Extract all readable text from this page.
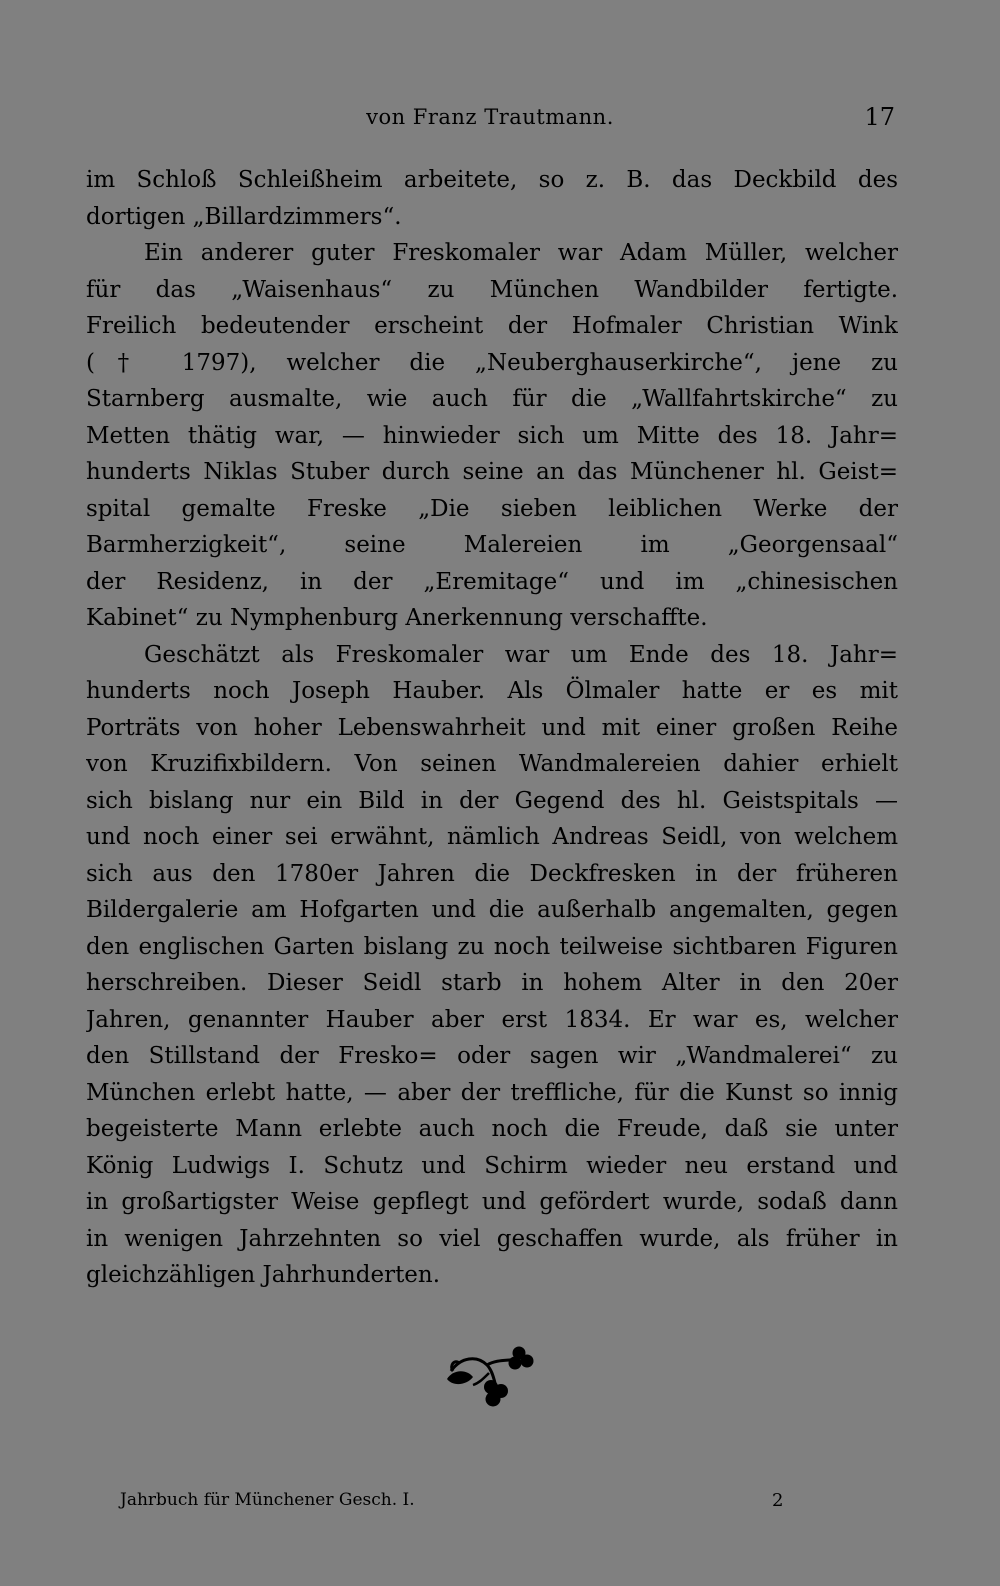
von Franz Trautmann.	17
im Schloß Schleißheim arbeitete, so z. B. das Deckbild des
dortigen „Billardzimmers“.
Ein anderer guter Freskomaler war Adam Müller, welcher
für das „Waisenhaus“ zu München Wandbilder fertigte.
Freilich bedeutender erscheint der Hofmaler Christian Wink
(† 1797), welcher die „Neuberghauserkirche“, jene zu
Starnberg ausmalte, wie auch für die „Wallfahrtskirche“ zu
Metten thätig war, — hinwieder sich um Mitte des 18. Jahr=
hunderts Niklas Stuber durch seine an das Münchener hl. Geist=
spital gemalte Freske „Die sieben leiblichen Werke der
Barmherzigkeit“, seine Malereien im „Georgensaal“
der Residenz, in der „Eremitage“ und im „chinesischen
Kabinet“ zu Nymphenburg Anerkennung verschaffte.
Geschätzt als Freskomaler war um Ende des 18. Jahr=
hunderts noch Joseph Hauber. Als Ölmaler hatte er es mit
Porträts von hoher Lebenswahrheit und mit einer großen Reihe
von Kruzifixbildern. Von seinen Wandmalereien dahier erhielt
sich bislang nur ein Bild in der Gegend des hl. Geistspitals —
und noch einer sei erwähnt, nämlich Andreas Seidl, von welchem
sich aus den 1780er Jahren die Deckfresken in der früheren
Bildergalerie am Hofgarten und die außerhalb angemalten, gegen
den englischen Garten bislang zu noch teilweise sichtbaren Figuren
herschreiben. Dieser Seidl starb in hohem Alter in den 20er
Jahren, genannter Hauber aber erst 1834. Er war es, welcher
den Stillstand der Fresko= oder sagen wir „Wandmalerei“ zu
München erlebt hatte, — aber der treffliche, für die Kunst so innig
begeisterte Mann erlebte auch noch die Freude, daß sie unter
König Ludwigs I. Schutz und Schirm wieder neu erstand und
in großartigster Weise gepflegt und gefördert wurde, sodaß dann
in wenigen Jahrzehnten so viel geschaffen wurde, als früher in
gleichzähligen Jahrhunderten.
Jahrbuch für Münchener Gesch. I.	2
